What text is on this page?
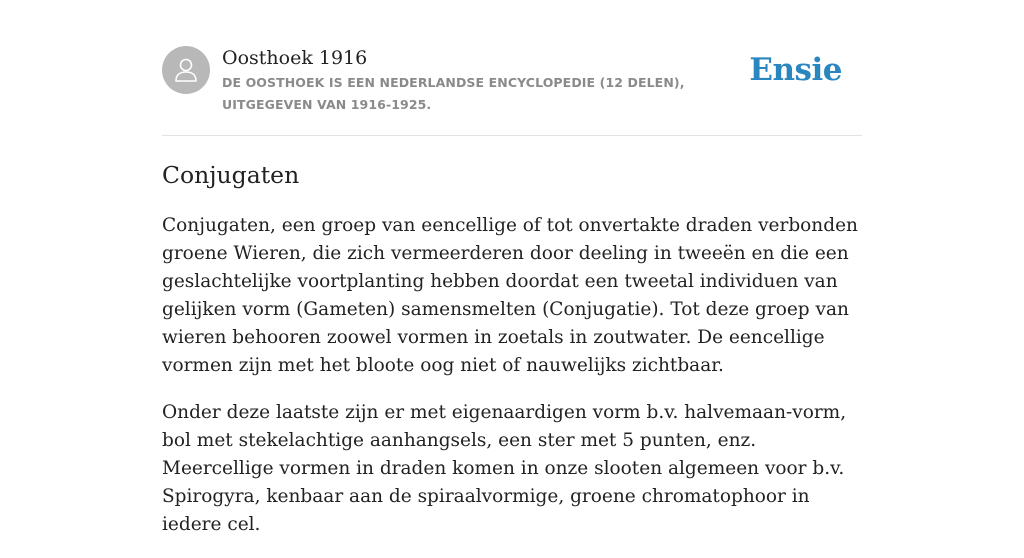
Oosthoek 1916
DE OOSTHOEK IS EEN NEDERLANDSE ENCYCLOPEDIE (12 DELEN), UITGEGEVEN VAN 1916-1925.
Ensie
Conjugaten

Conjugaten, een groep van eencellige of tot onvertakte draden verbonden groene Wieren, die zich vermeerderen door deeling in tweeën en die een geslachtelijke voortplanting hebben doordat een tweetal individuen van gelijken vorm (Gameten) samensmelten (Conjugatie). Tot deze groep van wieren behooren zoowel vormen in zoetals in zoutwater. De eencellige vormen zijn met het bloote oog niet of nauwelijks zichtbaar.

Onder deze laatste zijn er met eigenaardigen vorm b.v. halvemaan-vorm, bol met stekelachtige aanhangsels, een ster met 5 punten, enz. Meercellige vormen in draden komen in onze slooten algemeen voor b.v. Spirogyra, kenbaar aan de spiraalvormige, groene chromatophoor in iedere cel.
